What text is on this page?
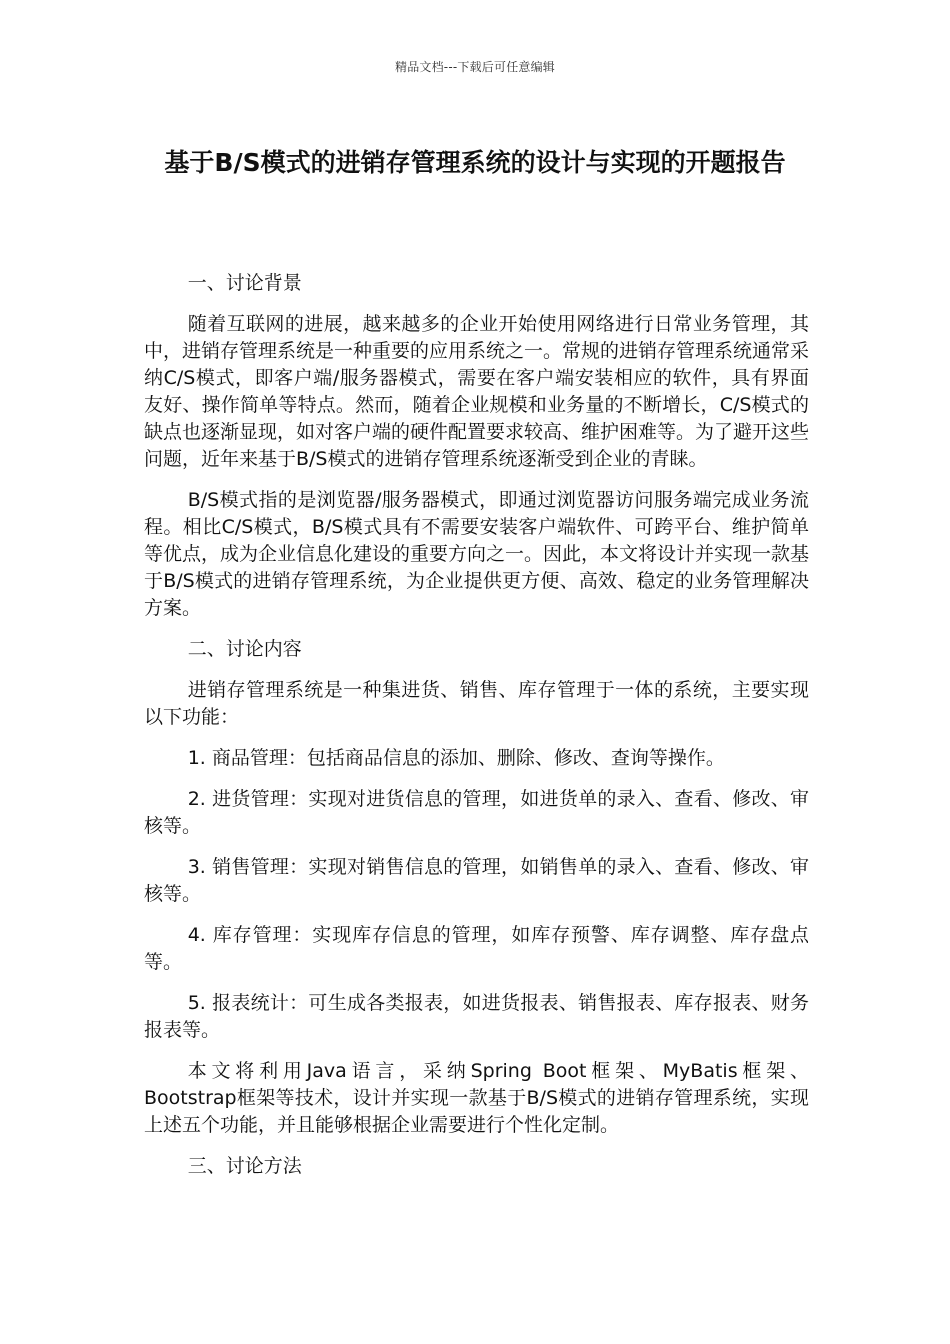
精品文档---下载后可任意编辑
基于B/S模式的进销存管理系统的设计与实现的开题报告

一、讨论背景

随着互联网的进展，越来越多的企业开始使用网络进行日常业务管理，其中，进销存管理系统是一种重要的应用系统之一。常规的进销存管理系统通常采纳C/S模式，即客户端/服务器模式，需要在客户端安装相应的软件，具有界面友好、操作简单等特点。然而，随着企业规模和业务量的不断增长，C/S模式的缺点也逐渐显现，如对客户端的硬件配置要求较高、维护困难等。为了避开这些问题，近年来基于B/S模式的进销存管理系统逐渐受到企业的青睐。

B/S模式指的是浏览器/服务器模式，即通过浏览器访问服务端完成业务流程。相比C/S模式，B/S模式具有不需要安装客户端软件、可跨平台、维护简单等优点，成为企业信息化建设的重要方向之一。因此，本文将设计并实现一款基于B/S模式的进销存管理系统，为企业提供更方便、高效、稳定的业务管理解决方案。

二、讨论内容

进销存管理系统是一种集进货、销售、库存管理于一体的系统，主要实现以下功能：

1. 商品管理：包括商品信息的添加、删除、修改、查询等操作。

2. 进货管理：实现对进货信息的管理，如进货单的录入、查看、修改、审核等。

3. 销售管理：实现对销售信息的管理，如销售单的录入、查看、修改、审核等。

4. 库存管理：实现库存信息的管理，如库存预警、库存调整、库存盘点等。

5. 报表统计：可生成各类报表，如进货报表、销售报表、库存报表、财务报表等。

本文将利用Java语言，采纳Spring Boot框架、MyBatis框架、Bootstrap框架等技术，设计并实现一款基于B/S模式的进销存管理系统，实现上述五个功能，并且能够根据企业需要进行个性化定制。

三、讨论方法
